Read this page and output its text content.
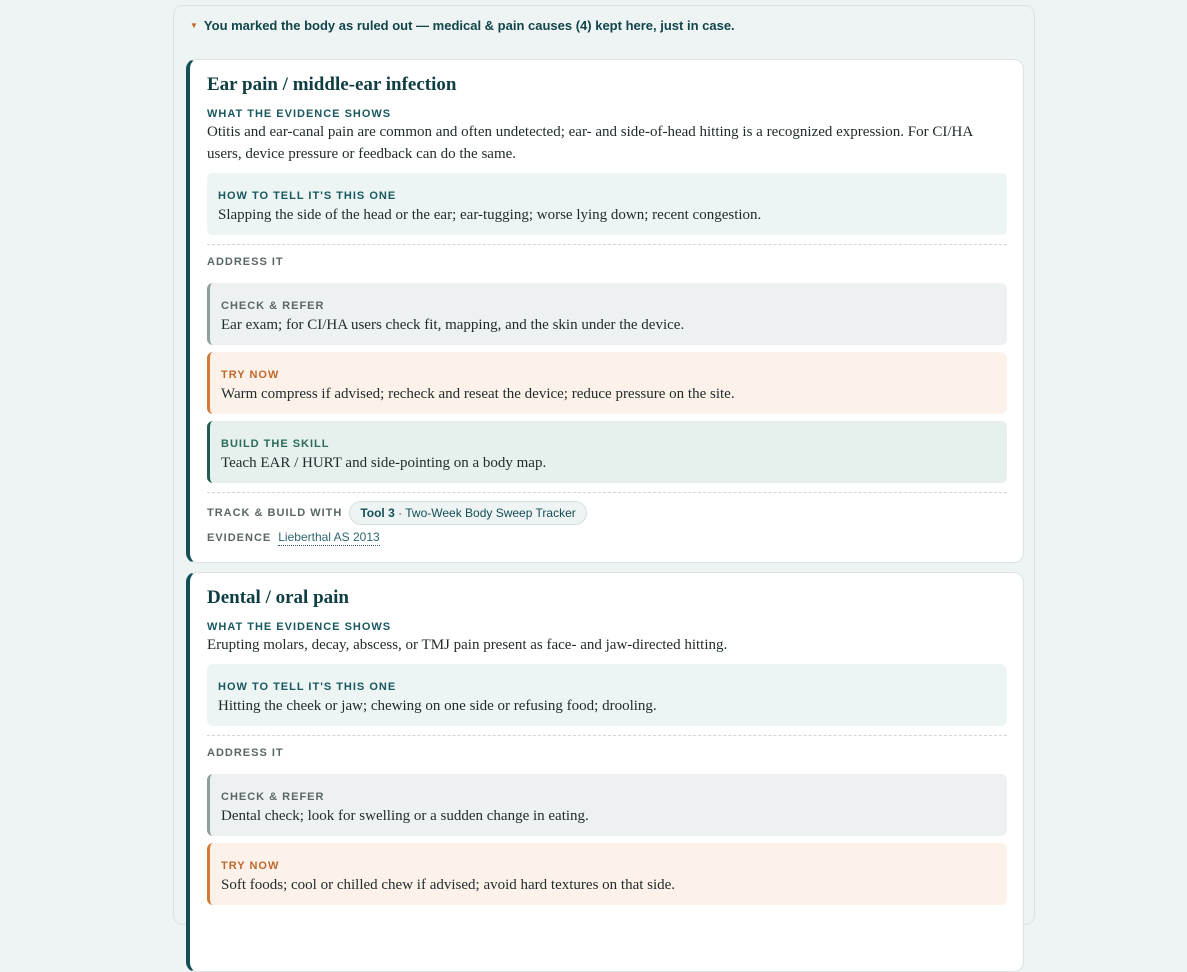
▼ You marked the body as ruled out — medical & pain causes (4) kept here, just in case.
Ear pain / middle-ear infection
WHAT THE EVIDENCE SHOWS
Otitis and ear-canal pain are common and often undetected; ear- and side-of-head hitting is a recognized expression. For CI/HA users, device pressure or feedback can do the same.
HOW TO TELL IT'S THIS ONE
Slapping the side of the head or the ear; ear-tugging; worse lying down; recent congestion.
ADDRESS IT
CHECK & REFER
Ear exam; for CI/HA users check fit, mapping, and the skin under the device.
TRY NOW
Warm compress if advised; recheck and reseat the device; reduce pressure on the site.
BUILD THE SKILL
Teach EAR / HURT and side-pointing on a body map.
TRACK & BUILD WITH	Tool 3 · Two-Week Body Sweep Tracker
EVIDENCE Lieberthal AS 2013
Dental / oral pain
WHAT THE EVIDENCE SHOWS
Erupting molars, decay, abscess, or TMJ pain present as face- and jaw-directed hitting.
HOW TO TELL IT'S THIS ONE
Hitting the cheek or jaw; chewing on one side or refusing food; drooling.
ADDRESS IT
CHECK & REFER
Dental check; look for swelling or a sudden change in eating.
TRY NOW
Soft foods; cool or chilled chew if advised; avoid hard textures on that side.
